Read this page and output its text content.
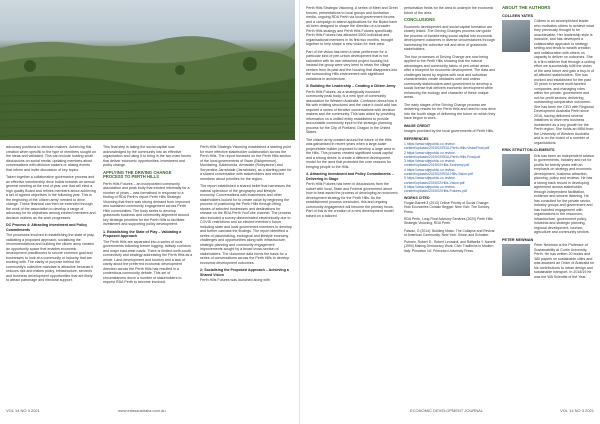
advocacy positions to decision makers. Achieving this creation when specific to the type of members sought on the ideas and validated. This can include hosting small discussions on social media, updating members about conversations with decision makers or raising events that inform and invite discussion of key topics.

Taken together a collaborative governance process and an effective membership drive builds towards an annual general meeting at the end of year one that will elect a high quality Board and refines members about achieving a set of agreed objectives in the following year. This is the beginning of the 'citizen army' needed to drive change. These financial can then be extended through the work of the association to develop a range of advocacy for its objectives among elected members and decision makers as the work progresses.

DC Process 4: Attracting Investment and Policy Commitments

The processes involved in establishing the state of play, validating a proposed approach, socialising the recommendations and building the citizen army creates an opportunity space that enables economic development practitioners to secure common goal and businesses to look at a community or industry that are working with. The clarity of purpose behind the community's collective mandate is attractive because it reduces risk and makes policy, infrastructure, services and business development opportunities that are likely to attract patronage and electoral support.

This final step is taking the social capital now acknowledged by the community into an effective organisation and using it to bring in the two main forces that deliver economic opportunities: investment and policy change.

APPLYING THE DRIVING CHANGE PROCESS TO PERTH HILLS

Perth Hills Futures – an incorporated community association and peak body that existed informally for a number of years – was formalised in response to a finding of RDA Perth's report Perth Hills Strategic Visioning that there was strong demand from improved and sustained community engagement across Perth Hills communities. The body seeks to develop grassroots business and community alignment around key strategic priorities for the Perth Hills to facilitate investment and supporting policy development.

1. Establishing the State of Play – Validating a Proposed Approach

The Perth Hills are separated into a series of rural governments following former logging, railway corridors and major east-west roads. There is limited north-south connectivity and strategy addressing the Perth Hills as a whole. Land development and tourism and a lack of clarity about the preferred economic development direction across the Perth Hills has resulted in a contentious community debate. This set of circumstances drove a number of stakeholders to request RDA Perth to become involved.

Perth Hills Strategic Visioning established a starting point for more effective stakeholder collaboration across the Perth Hills. The report focussed on the Perth Hills section of the local governments of Swan (Bickpenmun), Mundaring, Kalamunda, Armadale (Roleystone) and Serpentine-Jarrahdale (Jarrahdale), as a starting point for a shared conversation with stakeholders and elected members about priorities for the region.

The report established a shared belief that harnesses the natural splendour of the geography and lifestyle economy. Conversations with businesses and other stakeholders looked for to create value by beginning the process of positioning the Perth Hills through lifting stories of selected businesses and destinations for release on the RDA Perth YouTube channel. The process also included a survey disseminated electronically due to COVID restrictions and an elected member's forum including state and local government members to develop and further canvass the findings. The report identified a series of placemaking, ecological and lifestyle economy challenges and opportunities along with infrastructure, strategic planning and community engagement improvements sought by a broad cross-section of stakeholders. The document data forms the basis for a series of conversations across the Perth Hills to develop economic development outcomes.

2: Socialising the Proposed Approach – Achieving a Shared Vision

Perth Hills Futures was launched along with

VOL 14 NO 3 2021	www.edasaustralia.com.au

Perth Hills Strategic Visioning. A series of Meet and Greet forums, presentations to local groups and Australian media, ongoing RDA Perth via local government forums and a campaign to attend applications for the Board have all been designed to shape the direction of a broader Perth Hills strategy and Perth Hills Futures specifically. Perth Hills Futures has attracted 5500 individual and organisational members in its first two months, brought together to help shape a new vision for their area.

Part of the vision has been a clear preference for a particular kind of peri-urban development that is not saturation with its own detached project housing but instead the group were very keen to retain the village centres from its past and the housing that disappears into the surrounding Hills environment with significant variations in architecture.

3: Building the Leadership – Creating a Citizen Army

Perth Hills Futures, as a strategically focussed community peak body, is a new type of community association for Western Australia. Confusion about how it fits with existing structures and the value it could add has required a series of iterative conversations with decision makers and the community. This was aided by providing information on a unified entity established to provide accountable community input to the strategic planning process for the City of Portland, Dragon in the United States.

The citizen army created around the future of the Hills was galvanised in recent years when a large-scale project/state builder proposed to develop a large area in the Hills. This process created significant social capital and a strong desire to create a different development model for the area that protected the core reasons for bringing people to the Hills.

4. Attracting Investment and Policy Commitments – Delivering in Stage

Perth Hills Futures has been in discussions from the outset with local, State and Federal government about how to best assist the process of developing an economic development strategy for the Perth Hills. As the establishment process concludes, this and ongoing community engagement will become the primary focus. Part of this is the creation of a new development model based on a tailored

perturbation fields for the area to underpin the economic future of the area.

CONCLUSIONS

Economic development and social capital formation are closely linked. The Driving Changes process can guide the process of transforming social capital into economic development outcomes in diverse circumstances through harnessing the collective will and drive of grassroots stakeholders.

The four processes of Driving Change are now being applied to the Perth Hills showing that the natural advantages and community fabric of peri-urban areas offer a blueprint for economic development. The data and challenges faced by regions with rural and suburban characteristics create obstacles until and unless community stakeholders want government to develop a social license that delivers economic development while enhancing the ecology and character of these unique areas.

The early stages of the Driving Change process are delivering results for the Perth Hills and need to now drive into the fourth stage of delivering the future on which they have begun to work.

IMAGE CREDIT

Images provided by the local governments of Perth Hills.

REFERENCES
1 https://www.stjepublic.co.review-content/uploads/2019/02/RDA-Perth-Hills-VisionFinal.pdf
2 https://www.stjepublic.co.review-content/uploads/2019/02/RDA-Perth-Hills-Final.pdf
3 https://www.stjepublic.co.review-content/uploads/2019/02/Hills-Economy.pdf
4 https://www.stjepublic.co.review-content/uploads/2019/02/RDA-Hills-Vision.pdf
5 https://www.stjepublic.co.review-content/uploads/2019/02/Hills-Vision.pdf
6 https://www.stjepublic.co.review-content/uploads/2019/02/Hills-Futures.pdf
WORKS CITED

Flogan Barrett 3 (2013) Online Priority of Social Change: How Economies Contain Beggar: New York: The Donkey Press.

RDA Perth, Long Final Advisory Services (2020) Perth Hills Strategic Visioning, RDA Perth.

Fatwaz, G (2014). Building Music: The Collapse and Revival of American Community. New York: Simon and Schuster.

Putnam, Robert D., Robert Leonardi, and Raffaella Y. Nanetti (1994) Making Democracy Work: Civic Traditions in Modern Italy. Princeton NJ: Princeton University Press.

ABOUT THE AUTHORS
COLLEEN YATES

Colleen is an accomplished leader who motivates others to achieve what they previously thought to be unachievable. Her leadership style is inclusive, and has developed a collaborative approach to strategy setting and tends to wealth creation and collaboration with others on capacity to deliver on outcomes. She is a firm believer that through a uniting effort we successfully fulfil the vision of the area future and gain a buy-in of all affected stakeholders. She has worked and established for the past 30 years in several multi-faceted companies, and managing roles within the private, government and not-for-profit sectors; delivering outstanding comparative outcomes. She has been the CEO with Regional Development Australia Perth since 2016, having delivered several initiatives to drive new business investment as a key growth for the Perth region. She holds an MBA from the University of Western Australia and is on the board of a number of organisations.

ERIK STRATTON-CLEMENTS

Erik has been an independent advisor to governments, industry and not for profits for twenty years with an emphasis on strategy and economic development, business attraction, planning, policy and reviews. He has a strong track record in developing agreement across stakeholder through independent facilitation, evidence and sincere listening. He has consulted for the private sector, industry groups and government and has included engagement with organisations in the resources, infrastructure, government policy, industrial and strategic planning, regional development, tourism, agriculture and community sectors.

PETER NEWMAN

Peter Newman is the Professor of Sustainability at Curtin University, Perth. He has written 20 books and 380 papers on sustainable cities and was awarded an Order of Australia for his contributions to urban design and sustainable transport. In 2018/19 he was the WA Scientist of the Year.

ECONOMIC DEVELOPMENT JOURNAL	VOL 14 NO 3 2021
